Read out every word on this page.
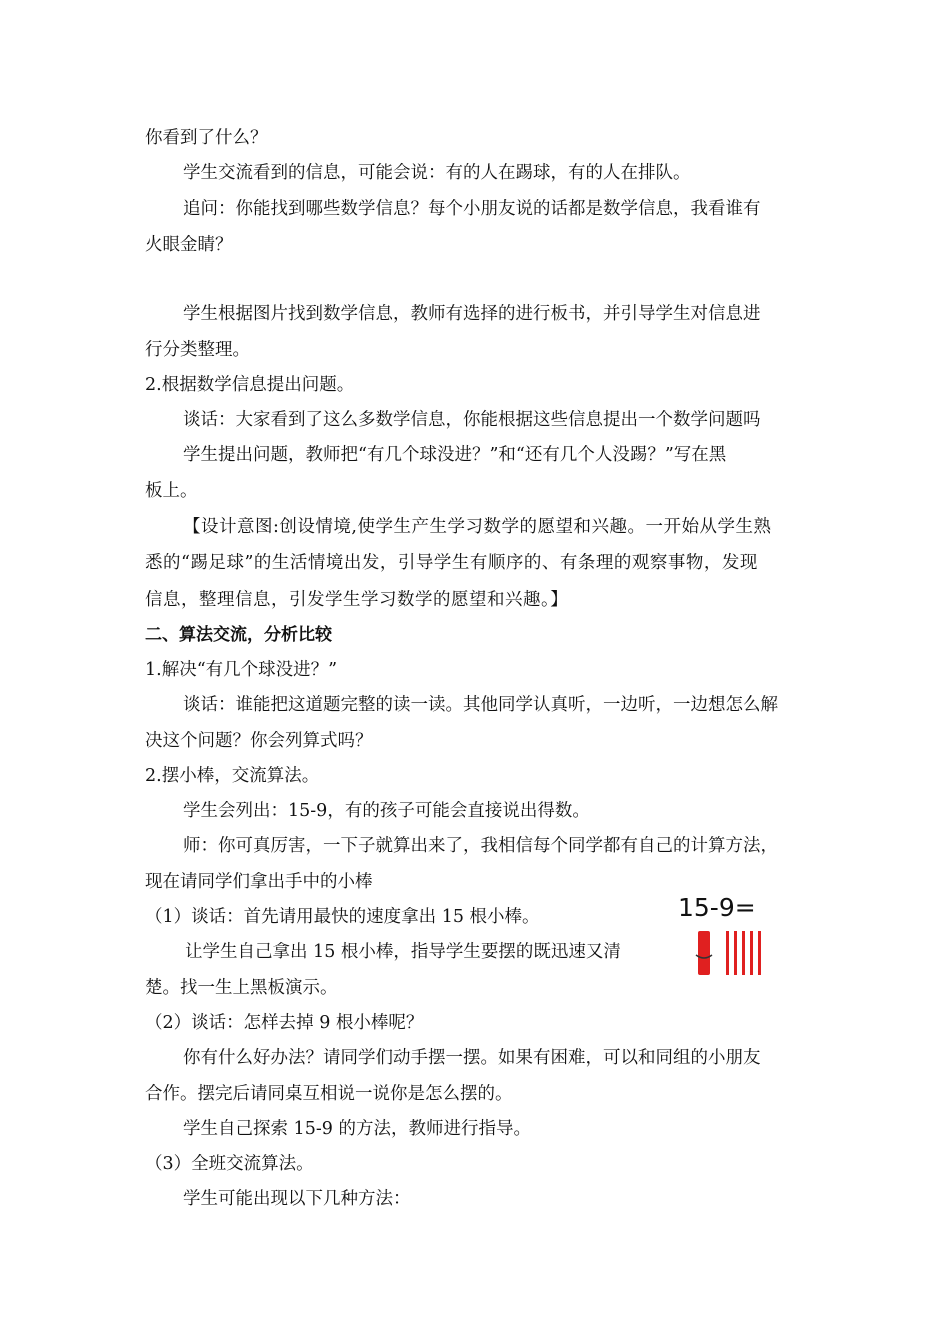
你看到了什么？
学生交流看到的信息，可能会说：有的人在踢球，有的人在排队。
追问：你能找到哪些数学信息？每个小朋友说的话都是数学信息，我看谁有
火眼金睛？
学生根据图片找到数学信息，教师有选择的进行板书，并引导学生对信息进
行分类整理。
2.根据数学信息提出问题。
谈话：大家看到了这么多数学信息，你能根据这些信息提出一个数学问题吗
学生提出问题，教师把“有几个球没进？”和“还有几个人没踢？”写在黑
板上。
【设计意图:创设情境,使学生产生学习数学的愿望和兴趣。一开始从学生熟
悉的“踢足球”的生活情境出发，引导学生有顺序的、有条理的观察事物，发现
信息，整理信息，引发学生学习数学的愿望和兴趣。】
二、算法交流，分析比较
1.解决“有几个球没进？”
谈话：谁能把这道题完整的读一读。其他同学认真听，一边听，一边想怎么解
决这个问题？你会列算式吗？
2.摆小棒，交流算法。
学生会列出：15-9，有的孩子可能会直接说出得数。
师：你可真厉害，一下子就算出来了，我相信每个同学都有自己的计算方法，
现在请同学们拿出手中的小棒
（1）谈话：首先请用最快的速度拿出 15 根小棒。
让学生自己拿出 15 根小棒，指导学生要摆的既迅速又清
楚。找一生上黑板演示。
（2）谈话：怎样去掉 9 根小棒呢？
你有什么好办法？请同学们动手摆一摆。如果有困难，可以和同组的小朋友
合作。摆完后请同桌互相说一说你是怎么摆的。
学生自己探索 15-9 的方法，教师进行指导。
（3）全班交流算法。
学生可能出现以下几种方法：
15-9=
